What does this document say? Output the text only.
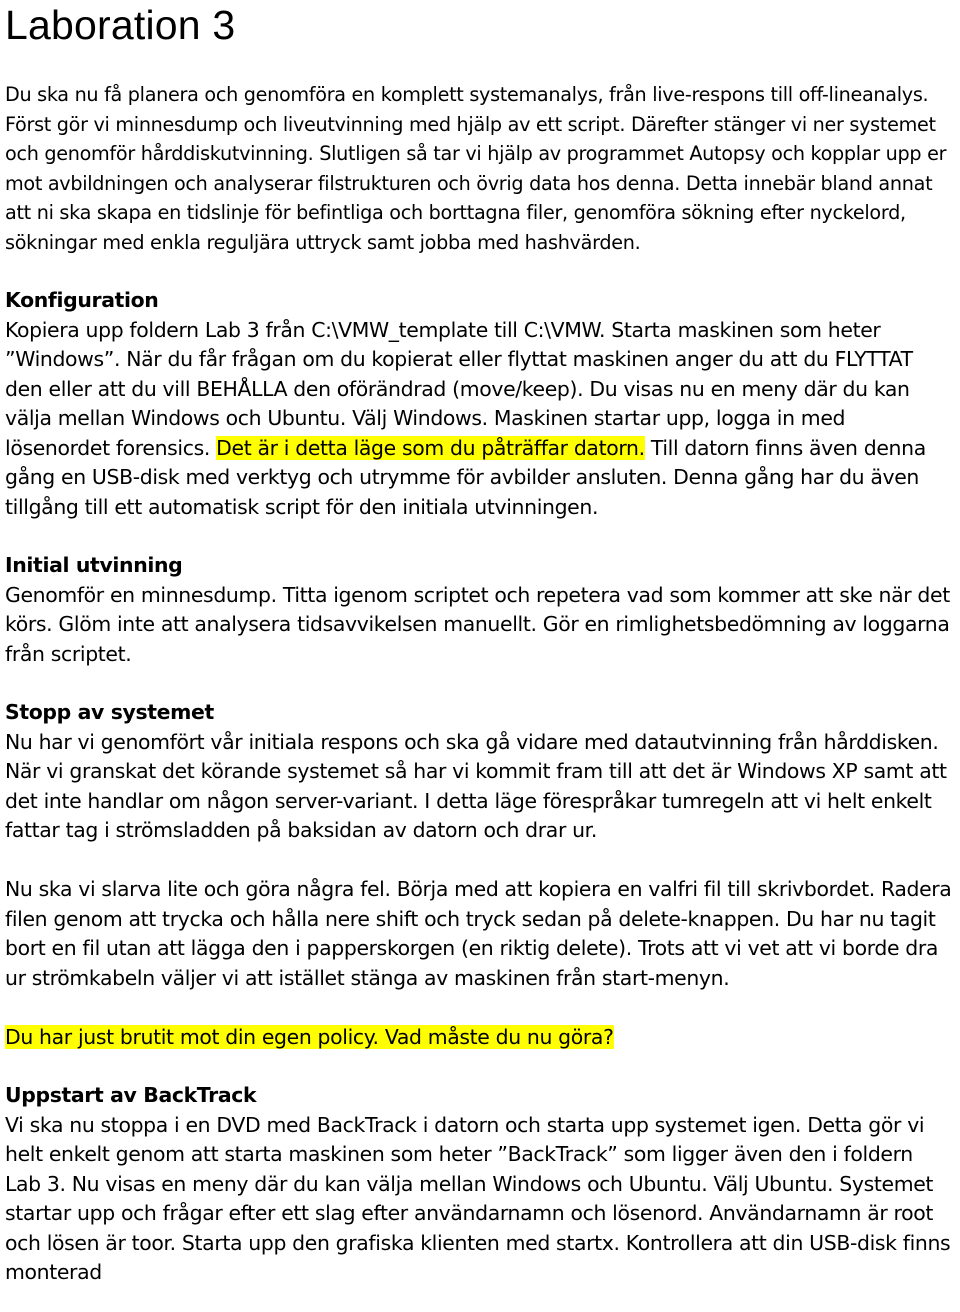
Laboration 3

Du ska nu få planera och genomföra en komplett systemanalys, från live-respons till off-lineanalys. Först gör vi minnesdump och liveutvinning med hjälp av ett script. Därefter stänger vi ner systemet och genomför hårddiskutvinning. Slutligen så tar vi hjälp av programmet Autopsy och kopplar upp er mot avbildningen och analyserar filstrukturen och övrig data hos denna. Detta innebär bland annat att ni ska skapa en tidslinje för befintliga och borttagna filer, genomföra sökning efter nyckelord, sökningar med enkla reguljära uttryck samt jobba med hashvärden.

Konfiguration

Kopiera upp foldern Lab 3 från C:\VMW_template till C:\VMW. Starta maskinen som heter ”Windows”. När du får frågan om du kopierat eller flyttat maskinen anger du att du FLYTTAT den eller att du vill BEHÅLLA den oförändrad (move/keep). Du visas nu en meny där du kan välja mellan Windows och Ubuntu. Välj Windows. Maskinen startar upp, logga in med lösenordet forensics. Det är i detta läge som du påträffar datorn. Till datorn finns även denna gång en USB-disk med verktyg och utrymme för avbilder ansluten. Denna gång har du även tillgång till ett automatisk script för den initiala utvinningen.

Initial utvinning

Genomför en minnesdump. Titta igenom scriptet och repetera vad som kommer att ske när det körs. Glöm inte att analysera tidsavvikelsen manuellt. Gör en rimlighetsbedömning av loggarna från scriptet.

Stopp av systemet

Nu har vi genomfört vår initiala respons och ska gå vidare med datautvinning från hårddisken. När vi granskat det körande systemet så har vi kommit fram till att det är Windows XP samt att det inte handlar om någon server-variant. I detta läge förespråkar tumregeln att vi helt enkelt fattar tag i strömsladden på baksidan av datorn och drar ur.

Nu ska vi slarva lite och göra några fel. Börja med att kopiera en valfri fil till skrivbordet. Radera filen genom att trycka och hålla nere shift och tryck sedan på delete-knappen. Du har nu tagit bort en fil utan att lägga den i papperskorgen (en riktig delete). Trots att vi vet att vi borde dra ur strömkabeln väljer vi att istället stänga av maskinen från start-menyn.

Du har just brutit mot din egen policy. Vad måste du nu göra?

Uppstart av BackTrack

Vi ska nu stoppa i en DVD med BackTrack i datorn och starta upp systemet igen. Detta gör vi helt enkelt genom att starta maskinen som heter ”BackTrack” som ligger även den i foldern Lab 3. Nu visas en meny där du kan välja mellan Windows och Ubuntu. Välj Ubuntu. Systemet startar upp och frågar efter ett slag efter användarnamn och lösenord. Användarnamn är root och lösen är toor. Starta upp den grafiska klienten med startx. Kontrollera att din USB-disk finns monterad
